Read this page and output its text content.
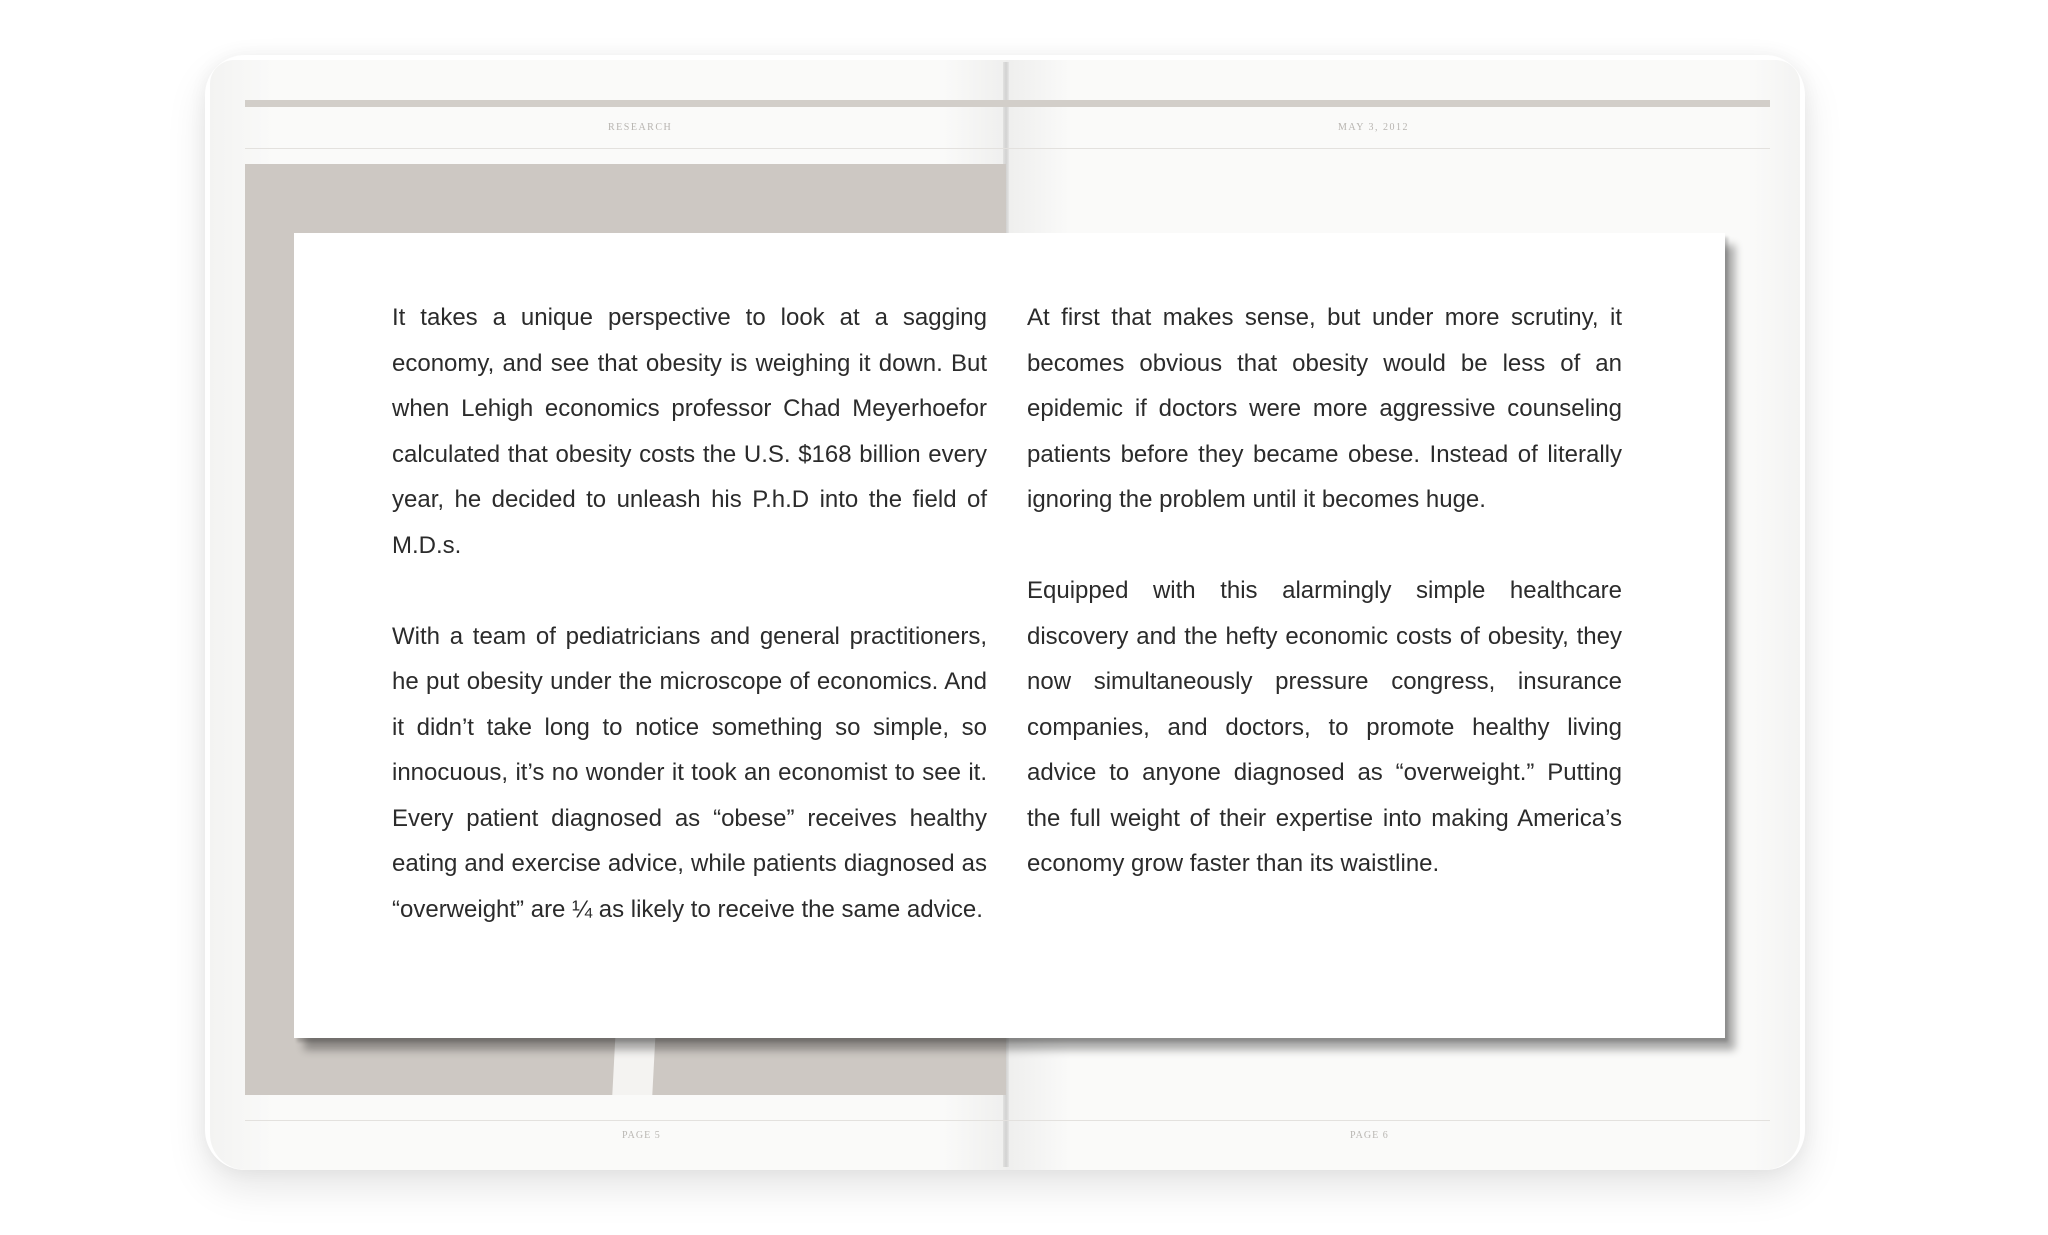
RESEARCH	MAY 3, 2012
PAGE 5	PAGE 6

It takes a unique perspective to look at a sagging economy, and see that obesity is weighing it down. But when Lehigh economics professor Chad Meyerhoefor calculated that obesity costs the U.S. $168 billion every year, he decided to unleash his P.h.D into the field of M.D.s.

With a team of pediatricians and general practitioners, he put obesity under the microscope of economics. And it didn’t take long to notice something so simple, so innocuous, it’s no wonder it took an economist to see it. Every patient diagnosed as “obese” receives healthy eating and exercise advice, while patients diagnosed as “overweight” are ¼ as likely to receive the same advice.

At first that makes sense, but under more scrutiny, it becomes obvious that obesity would be less of an epidemic if doctors were more aggressive counseling patients before they became obese. Instead of literally ignoring the problem until it becomes huge.

Equipped with this alarmingly simple healthcare discovery and the hefty economic costs of obesity, they now simultaneously pressure congress, insurance companies, and doctors, to promote healthy living advice to anyone diagnosed as “overweight.” Putting the full weight of their expertise into making America’s economy grow faster than its waistline.
